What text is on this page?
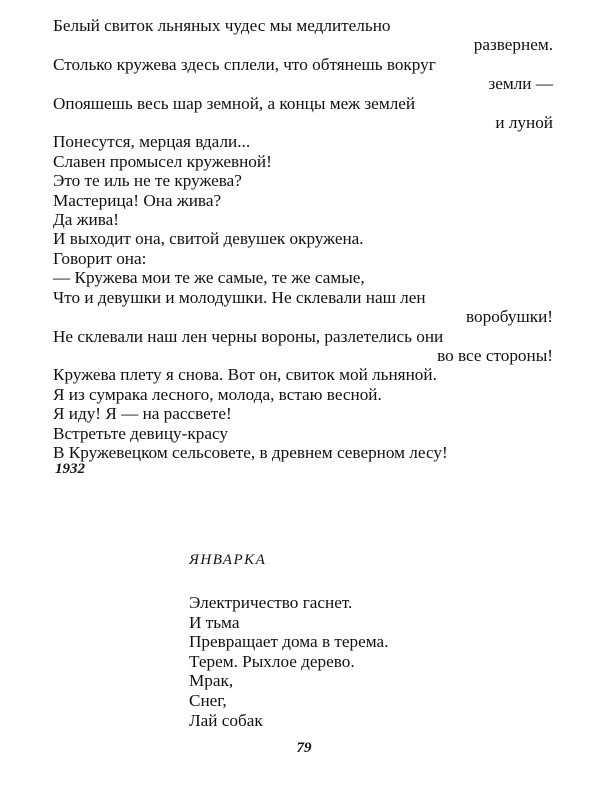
Белый свиток льняных чудес мы медлительно
развернем.
Столько кружева здесь сплели, что обтянешь вокруг
земли —
Опояшешь весь шар земной, а концы меж землей
и луной
Понесутся, мерцая вдали...
Славен промысел кружевной!
Это те иль не те кружева?
Мастерица! Она жива?
Да жива!
И выходит она, свитой девушек окружена.
Говорит она:
— Кружева мои те же самые, те же самые,
Что и девушки и молодушки. Не склевали наш лен
воробушки!
Не склевали наш лен черны вороны, разлетелись они
во все стороны!
Кружева плету я снова. Вот он, свиток мой льняной.
Я из сумрака лесного, молода, встаю весной.
Я иду! Я — на рассвете!
Встретьте девицу-красу
В Кружевецком сельсовете, в древнем северном лесу!
1932
ЯНВАРКА
Электричество гаснет.
И тьма
Превращает дома в терема.
Терем. Рыхлое дерево.
Мрак,
Снег,
Лай собак
79
